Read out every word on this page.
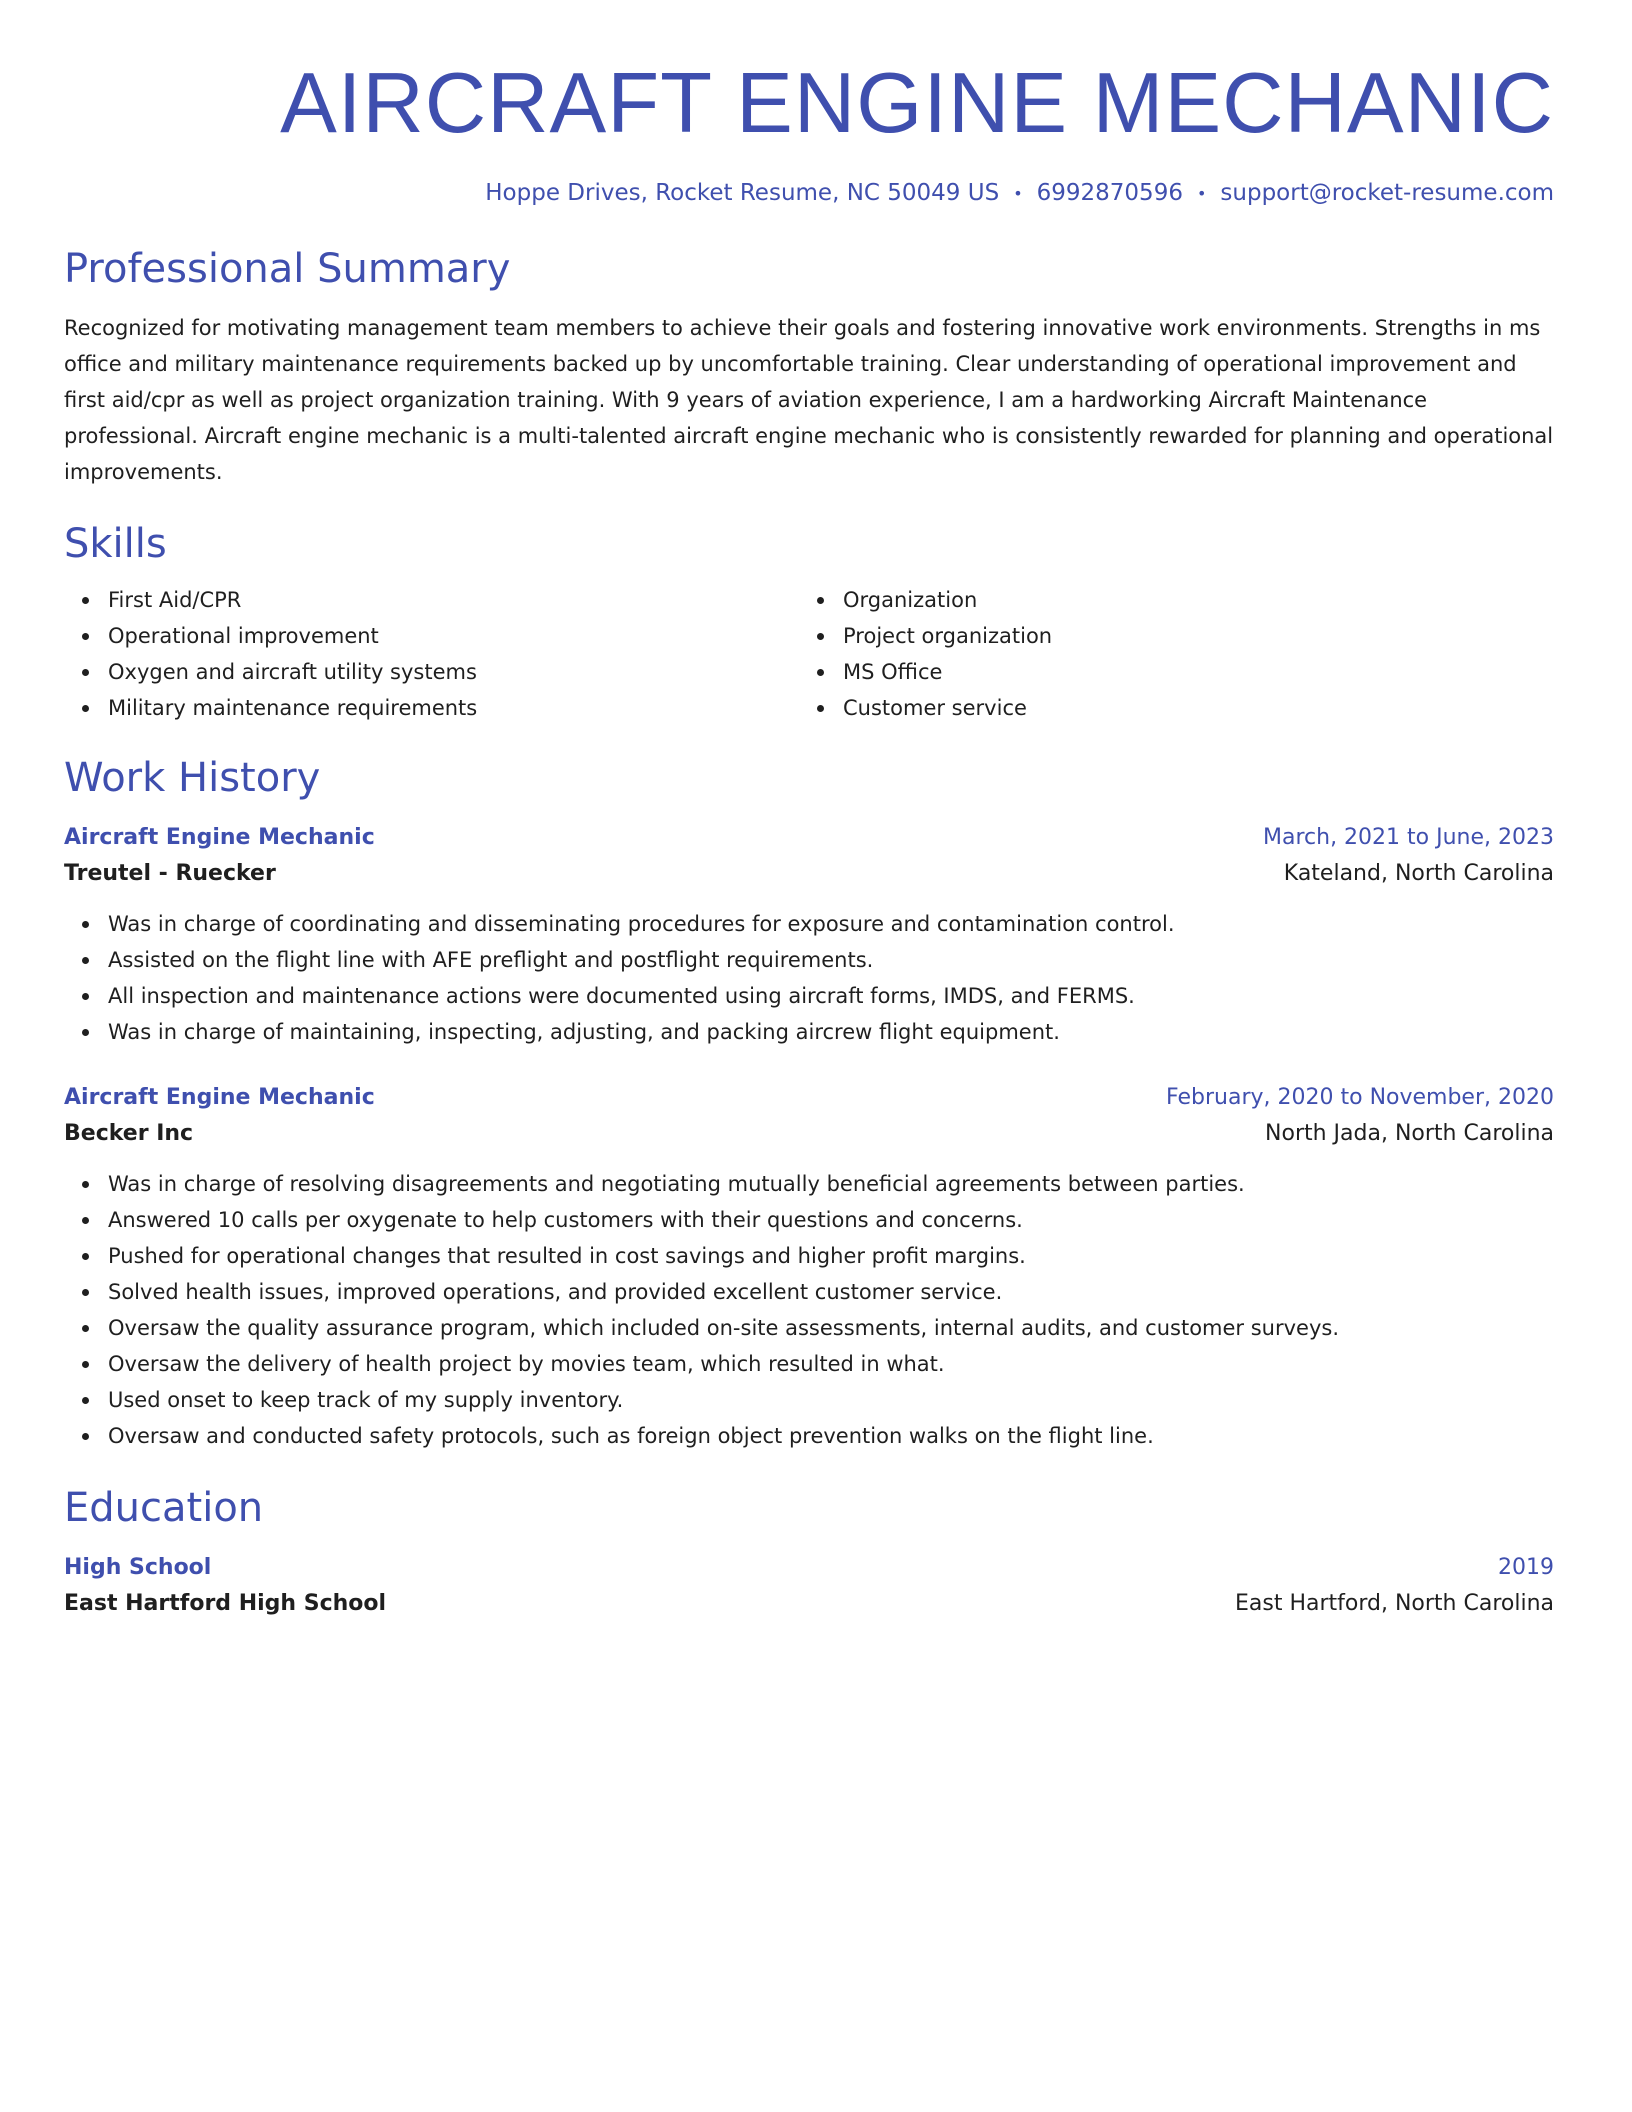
AIRCRAFT ENGINE MECHANIC
Hoppe Drives, Rocket Resume, NC 50049 US • 6992870596 • support@rocket-resume.com
Professional Summary

Recognized for motivating management team members to achieve their goals and fostering innovative work environments. Strengths in ms office and military maintenance requirements backed up by uncomfortable training. Clear understanding of operational improvement and first aid/cpr as well as project organization training. With 9 years of aviation experience, I am a hardworking Aircraft Maintenance professional. Aircraft engine mechanic is a multi-talented aircraft engine mechanic who is consistently rewarded for planning and operational improvements.

Skills
First Aid/CPR
Operational improvement
Oxygen and aircraft utility systems
Military maintenance requirements
Organization
Project organization
MS Office
Customer service
Work History
Aircraft Engine Mechanic	March, 2021 to June, 2023
Treutel - Ruecker	Kateland, North Carolina
Was in charge of coordinating and disseminating procedures for exposure and contamination control.
Assisted on the flight line with AFE preflight and postflight requirements.
All inspection and maintenance actions were documented using aircraft forms, IMDS, and FERMS.
Was in charge of maintaining, inspecting, adjusting, and packing aircrew flight equipment.
Aircraft Engine Mechanic	February, 2020 to November, 2020
Becker Inc	North Jada, North Carolina
Was in charge of resolving disagreements and negotiating mutually beneficial agreements between parties.
Answered 10 calls per oxygenate to help customers with their questions and concerns.
Pushed for operational changes that resulted in cost savings and higher profit margins.
Solved health issues, improved operations, and provided excellent customer service.
Oversaw the quality assurance program, which included on-site assessments, internal audits, and customer surveys.
Oversaw the delivery of health project by movies team, which resulted in what.
Used onset to keep track of my supply inventory.
Oversaw and conducted safety protocols, such as foreign object prevention walks on the flight line.
Education
High School	2019
East Hartford High School	East Hartford, North Carolina
